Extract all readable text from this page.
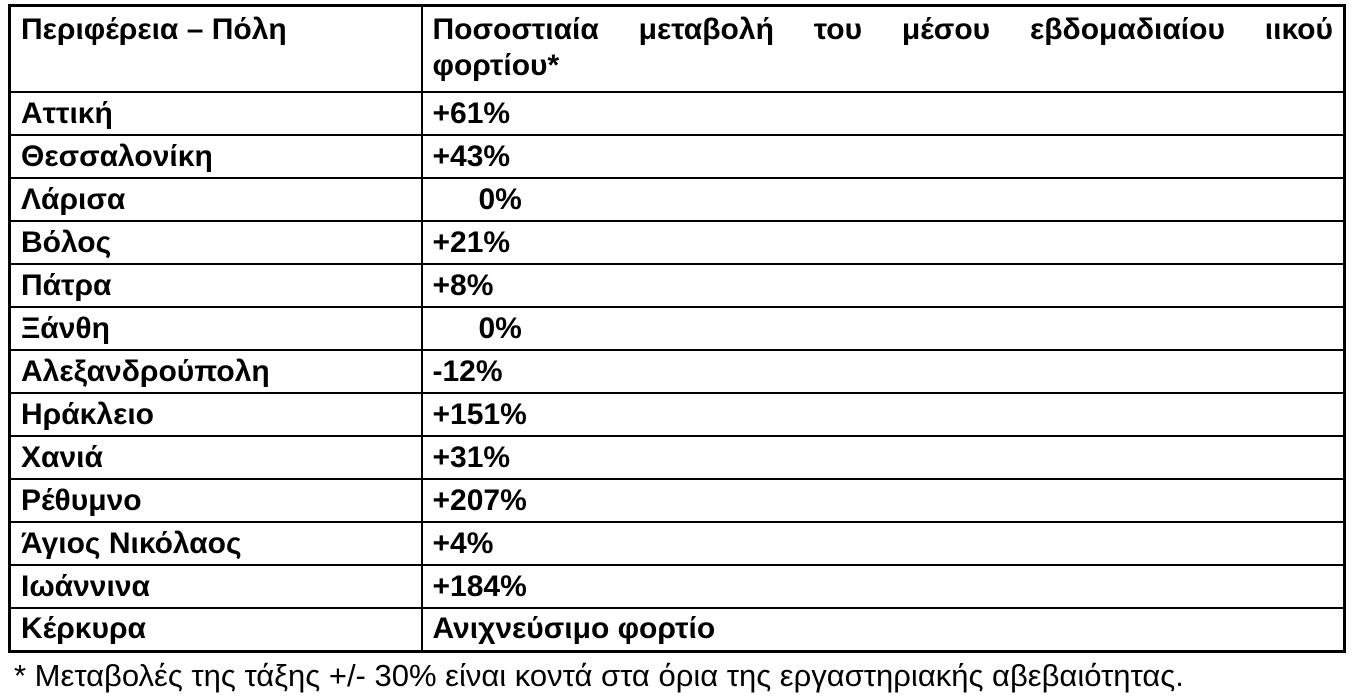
Περιφέρεια – Πόλη	Ποσοστιαία μεταβολή του μέσου εβδομαδιαίου ιικού
φορτίου*

Αττική	+61%
Θεσσαλονίκη	+43%
Λάρισα	0%
Βόλος	+21%
Πάτρα	+8%
Ξάνθη	0%
Αλεξανδρούπολη	-12%
Ηράκλειο	+151%
Χανιά	+31%
Ρέθυμνο	+207%
Άγιος Νικόλαος	+4%
Ιωάννινα	+184%
Κέρκυρα	Ανιχνεύσιμο φορτίο
* Μεταβολές της τάξης +/- 30% είναι κοντά στα όρια της εργαστηριακής αβεβαιότητας.
